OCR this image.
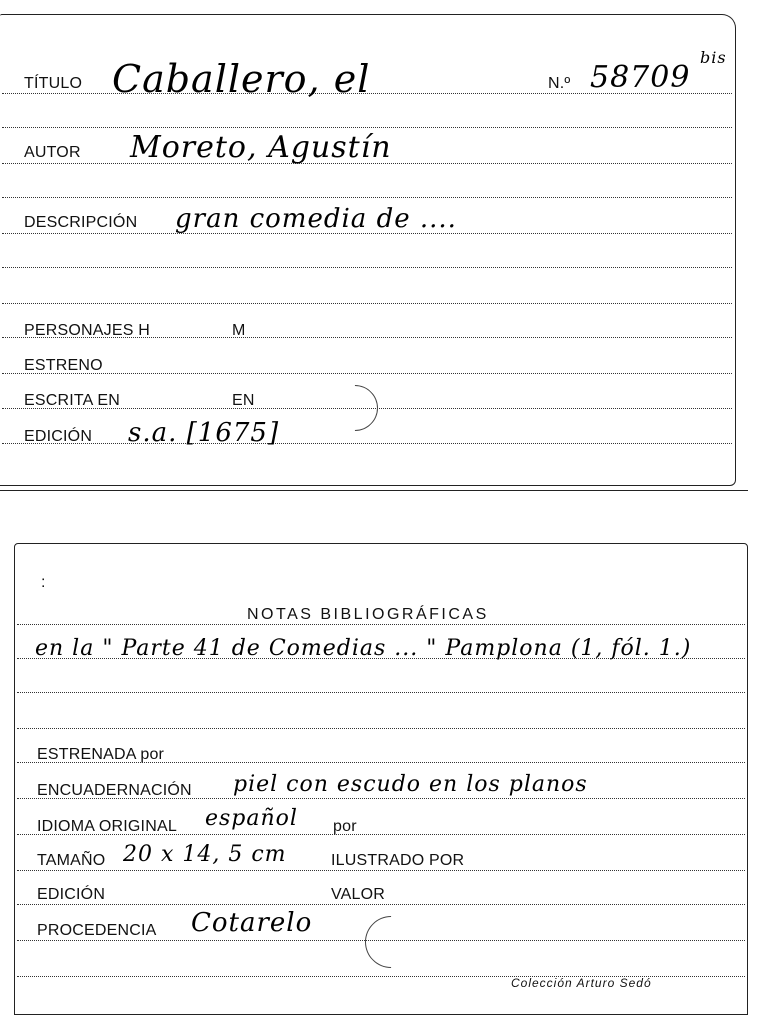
TÍTULO Caballero, el	N.º 58709
bis
AUTOR Moreto, Agustín
DESCRIPCIÓN gran comedia de ....
PERSONAJES H	M
ESTRENO
ESCRITA EN	EN
EDICIÓN s.a. [1675]
:
NOTAS BIBLIOGRÁFICAS
en la " Parte 41 de Comedias ... " Pamplona (1, fól. 1.)
ESTRENADA por
ENCUADERNACIÓN piel con escudo en los planos
IDIOMA ORIGINAL español por
TAMAÑO 20 x 14, 5 cm	ILUSTRADO POR
EDICIÓN	VALOR
PROCEDENCIA Cotarelo
Colección Arturo Sedó
